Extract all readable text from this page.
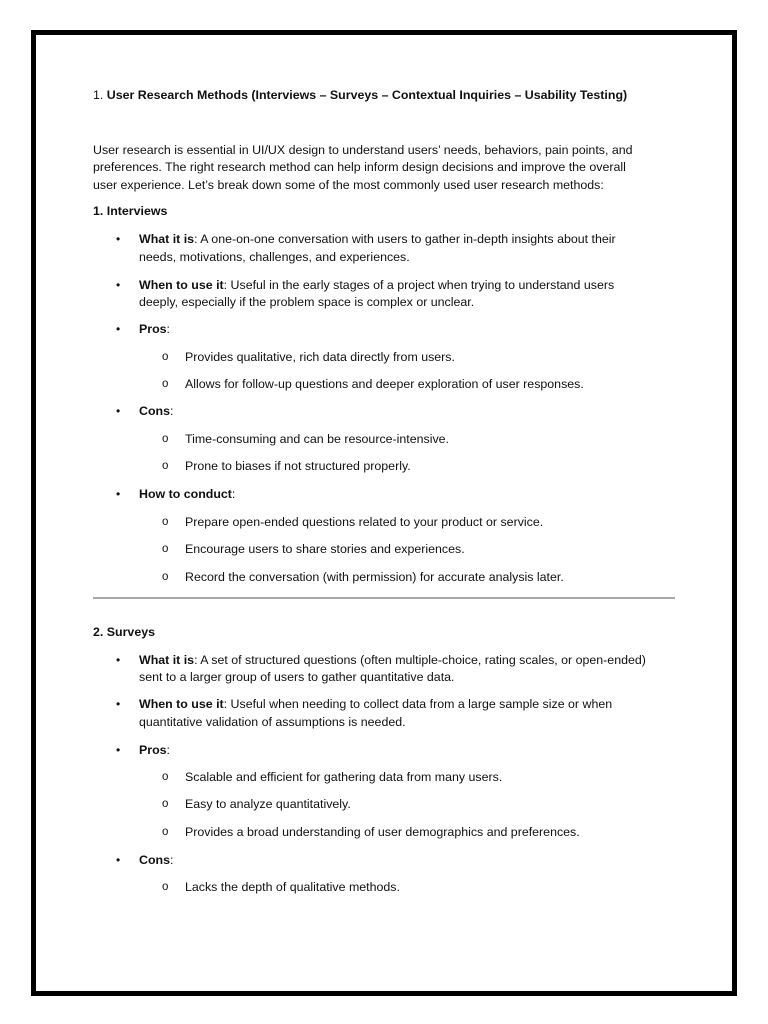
1. User Research Methods (Interviews – Surveys – Contextual Inquiries – Usability Testing)
User research is essential in UI/UX design to understand users’ needs, behaviors, pain points, and
preferences. The right research method can help inform design decisions and improve the overall
user experience. Let’s break down some of the most commonly used user research methods:
1. Interviews
• What it is: A one-on-one conversation with users to gather in-depth insights about their
needs, motivations, challenges, and experiences.
• When to use it: Useful in the early stages of a project when trying to understand users
deeply, especially if the problem space is complex or unclear.
• Pros:
o Provides qualitative, rich data directly from users.
o Allows for follow-up questions and deeper exploration of user responses.
• Cons:
o Time-consuming and can be resource-intensive.
o Prone to biases if not structured properly.
• How to conduct:
o Prepare open-ended questions related to your product or service.
o Encourage users to share stories and experiences.
o Record the conversation (with permission) for accurate analysis later.
2. Surveys
• What it is: A set of structured questions (often multiple-choice, rating scales, or open-ended)
sent to a larger group of users to gather quantitative data.
• When to use it: Useful when needing to collect data from a large sample size or when
quantitative validation of assumptions is needed.
• Pros:
o Scalable and efficient for gathering data from many users.
o Easy to analyze quantitatively.
o Provides a broad understanding of user demographics and preferences.
• Cons:
o Lacks the depth of qualitative methods.
